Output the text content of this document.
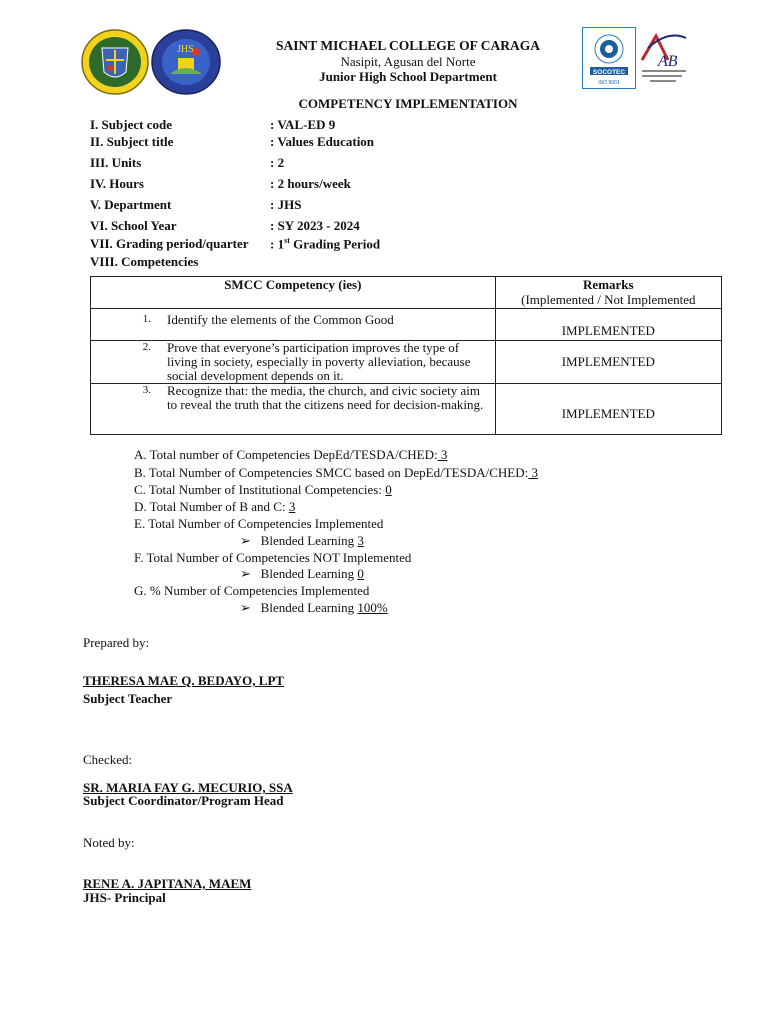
JHS
SOCOTEC
ISO 9001
AB
SAINT MICHAEL COLLEGE OF CARAGA
Nasipit, Agusan del Norte
Junior High School Department
COMPETENCY IMPLEMENTATION
I. Subject code	: VAL-ED 9
II. Subject title	: Values Education
III. Units	: 2
IV. Hours	: 2 hours/week
V. Department	: JHS
VI. School Year	: SY 2023 - 2024
VII. Grading period/quarter : 1st Grading Period
VIII. Competencies
SMCC Competency (ies)	Remarks
(Implemented / Not Implemented

1. Identify the elements of the Common Good	IMPLEMENTED
2. Prove that everyone’s participation improves the type of living in society, especially in poverty alleviation, because social development depends on it.	IMPLEMENTED
3. Recognize that: the media, the church, and civic society aim to reveal the truth that the citizens need for decision-making.	IMPLEMENTED
A. Total number of Competencies DepEd/TESDA/CHED: 3
B. Total Number of Competencies SMCC based on DepEd/TESDA/CHED: 3
C. Total Number of Institutional Competencies: 0
D. Total Number of B and C: 3
E. Total Number of Competencies Implemented
➢ Blended Learning 3
F. Total Number of Competencies NOT Implemented
➢ Blended Learning 0
G. % Number of Competencies Implemented
➢ Blended Learning 100%
Prepared by:
THERESA MAE Q. BEDAYO, LPT
Subject Teacher
Checked:
SR. MARIA FAY G. MECURIO, SSA
Subject Coordinator/Program Head
Noted by:
RENE A. JAPITANA, MAEM
JHS- Principal
